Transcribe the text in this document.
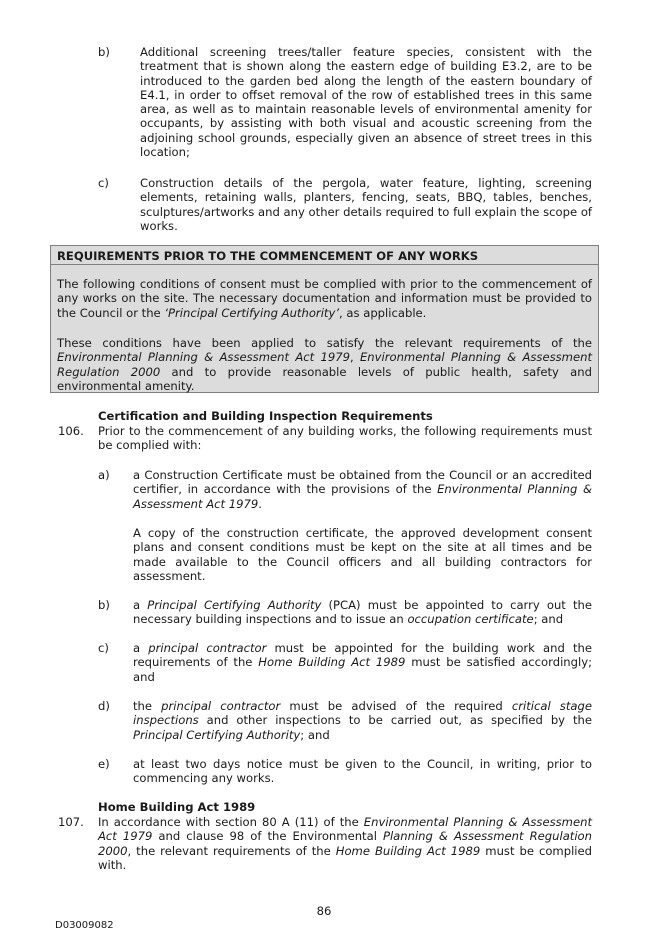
b)	Additional screening trees/taller feature species, consistent with the treatment that is shown along the eastern edge of building E3.2, are to be introduced to the garden bed along the length of the eastern boundary of E4.1, in order to offset removal of the row of established trees in this same area, as well as to maintain reasonable levels of environmental amenity for occupants, by assisting with both visual and acoustic screening from the adjoining school grounds, especially given an absence of street trees in this location;
c)	Construction details of the pergola, water feature, lighting, screening elements, retaining walls, planters, fencing, seats, BBQ, tables, benches, sculptures/artworks and any other details required to full explain the scope of works.
REQUIREMENTS PRIOR TO THE COMMENCEMENT OF ANY WORKS

The following conditions of consent must be complied with prior to the commencement of any works on the site. The necessary documentation and information must be provided to the Council or the ‘Principal Certifying Authority’, as applicable.

These conditions have been applied to satisfy the relevant requirements of the Environmental Planning & Assessment Act 1979, Environmental Planning & Assessment Regulation 2000 and to provide reasonable levels of public health, safety and environmental amenity.

Certification and Building Inspection Requirements
106. Prior to the commencement of any building works, the following requirements must be complied with:
a) a Construction Certificate must be obtained from the Council or an accredited certifier, in accordance with the provisions of the Environmental Planning & Assessment Act 1979.
A copy of the construction certificate, the approved development consent plans and consent conditions must be kept on the site at all times and be made available to the Council officers and all building contractors for assessment.
b) a Principal Certifying Authority (PCA) must be appointed to carry out the necessary building inspections and to issue an occupation certificate; and
c) a principal contractor must be appointed for the building work and the requirements of the Home Building Act 1989 must be satisfied accordingly; and
d) the principal contractor must be advised of the required critical stage inspections and other inspections to be carried out, as specified by the Principal Certifying Authority; and
e) at least two days notice must be given to the Council, in writing, prior to commencing any works.
Home Building Act 1989
107. In accordance with section 80 A (11) of the Environmental Planning & Assessment Act 1979 and clause 98 of the Environmental Planning & Assessment Regulation 2000, the relevant requirements of the Home Building Act 1989 must be complied with.
86
D03009082
